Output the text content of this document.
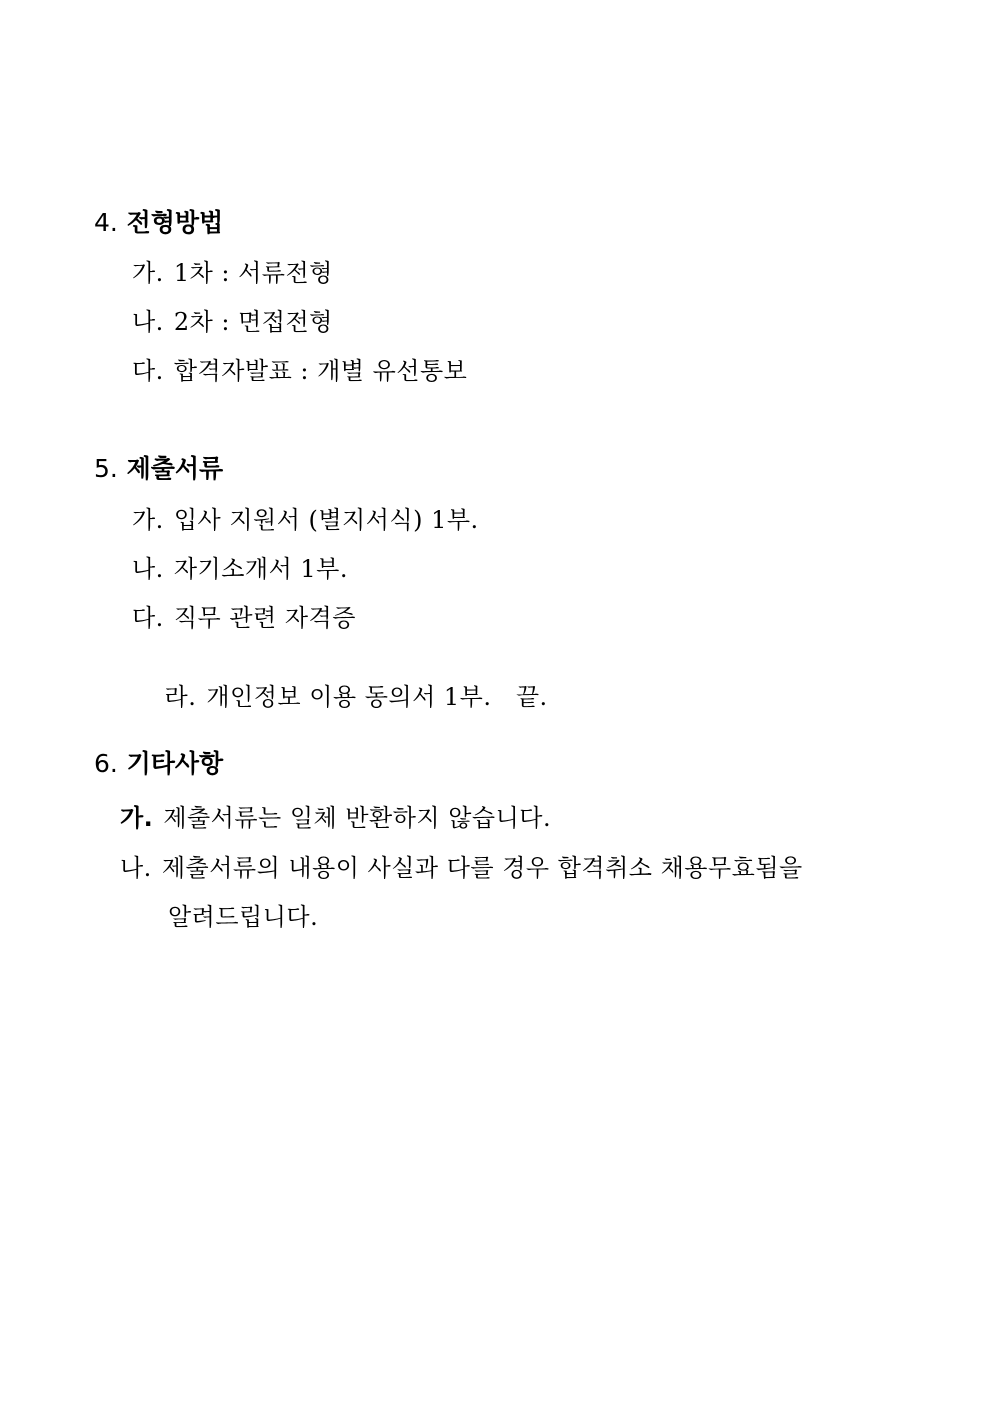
4. 전형방법
가. 1차 : 서류전형
나. 2차 : 면접전형
다. 합격자발표 : 개별 유선통보
5. 제출서류
가. 입사 지원서 (별지서식) 1부.
나. 자기소개서 1부.
다. 직무 관련 자격증

라. 개인정보 이용 동의서 1부.   끝.

6. 기타사항
가. 제출서류는 일체 반환하지 않습니다.
나. 제출서류의 내용이 사실과 다를 경우 합격취소 채용무효됨을
알려드립니다.
